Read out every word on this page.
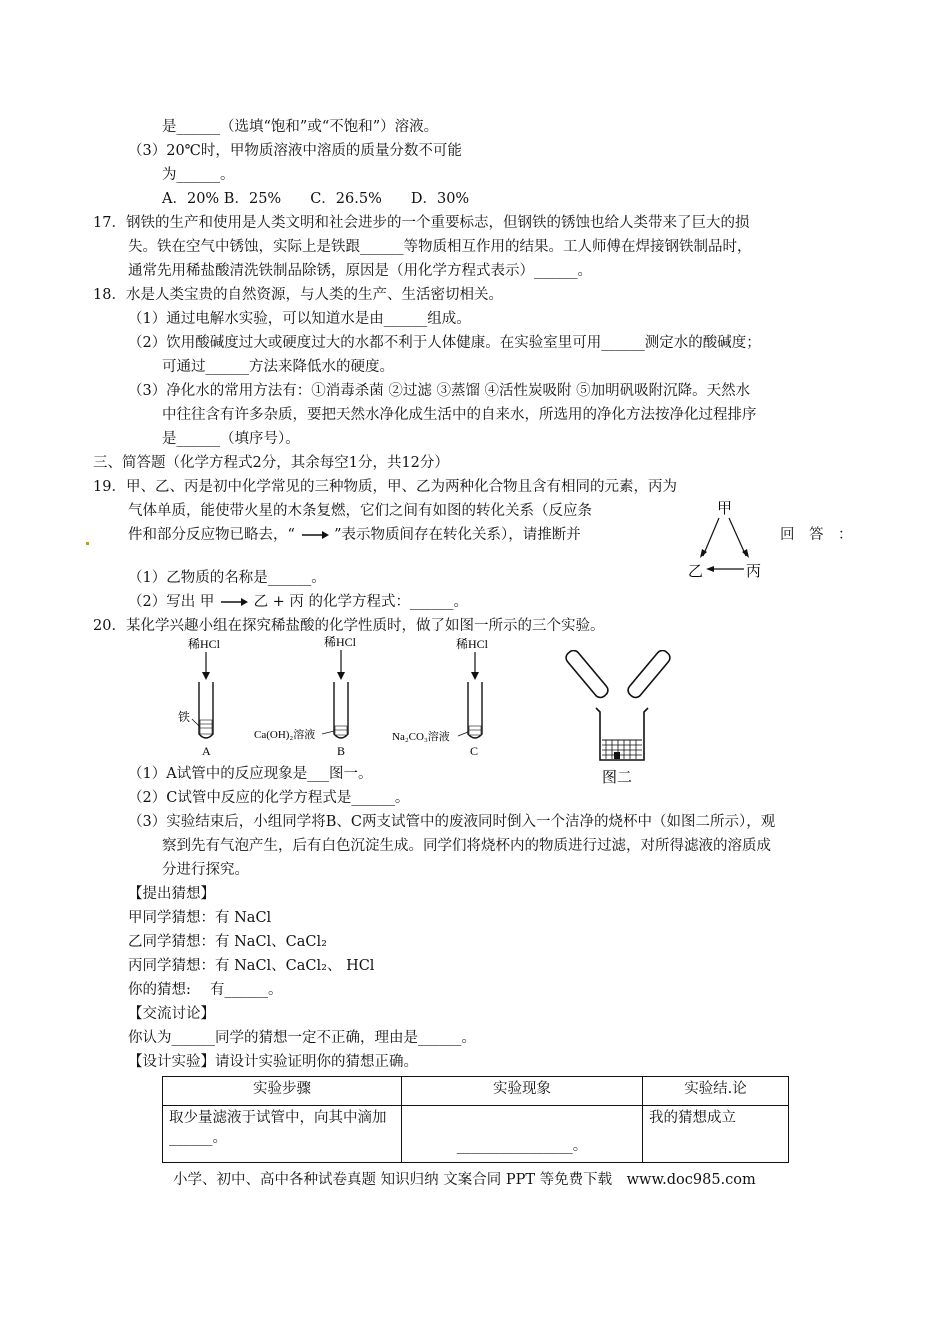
是______（选填“饱和”或“不饱和”）溶液。
（3）20℃时，甲物质溶液中溶质的质量分数不可能
为______。
A．20% B．25%　　C．26.5%　　D．30%
17．钢铁的生产和使用是人类文明和社会进步的一个重要标志，但钢铁的锈蚀也给人类带来了巨大的损
失。铁在空气中锈蚀，实际上是铁跟______等物质相互作用的结果。工人师傅在焊接钢铁制品时，
通常先用稀盐酸清洗铁制品除锈，原因是（用化学方程式表示）______。
18．水是人类宝贵的自然资源，与人类的生产、生活密切相关。
（1）通过电解水实验，可以知道水是由______组成。
（2）饮用酸碱度过大或硬度过大的水都不利于人体健康。在实验室里可用______测定水的酸碱度；
可通过______方法来降低水的硬度。
（3）净化水的常用方法有：①消毒杀菌 ②过滤 ③蒸馏 ④活性炭吸附 ⑤加明矾吸附沉降。天然水
中往往含有许多杂质，要把天然水净化成生活中的自来水，所选用的净化方法按净化过程排序
是______（填序号）。
三、简答题（化学方程式2分，其余每空1分，共12分）
19．甲、乙、丙是初中化学常见的三种物质，甲、乙为两种化合物且含有相同的元素，丙为
气体单质，能使带火星的木条复燃，它们之间有如图的转化关系（反应条
件和部分反应物已略去，“	”表示物质间存在转化关系），请推断并	回　答　：
甲
乙	丙
（1）乙物质的名称是______。
（2）写出 甲	乙 + 丙 的化学方程式：______。
20．某化学兴趣小组在探究稀盐酸的化学性质时，做了如图一所示的三个实验。
稀HCl
铁
A
稀HCl
Ca(OH)₂溶液
B
稀HCl
Na₂CO₃溶液
C
图二
（1）A试管中的反应现象是___图一。
（2）C试管中反应的化学方程式是______。
（3）实验结束后，小组同学将B、C两支试管中的废液同时倒入一个洁净的烧杯中（如图二所示），观
察到先有气泡产生，后有白色沉淀生成。同学们将烧杯内的物质进行过滤，对所得滤液的溶质成
分进行探究。
【提出猜想】
甲同学猜想：有 NaCl
乙同学猜想：有 NaCl、CaCl₂
丙同学猜想：有 NaCl、CaCl₂、 HCl
你的猜想:　 有______。
【交流讨论】
你认为______同学的猜想一定不正确，理由是______。
【设计实验】请设计实验证明你的猜想正确。
实验步骤	实验现象	实验结.论
取少量滤液于试管中，向其中滴加______。	________________。	我的猜想成立
小学、初中、高中各种试卷真题 知识归纳 文案合同 PPT 等免费下载　www.doc985.com
